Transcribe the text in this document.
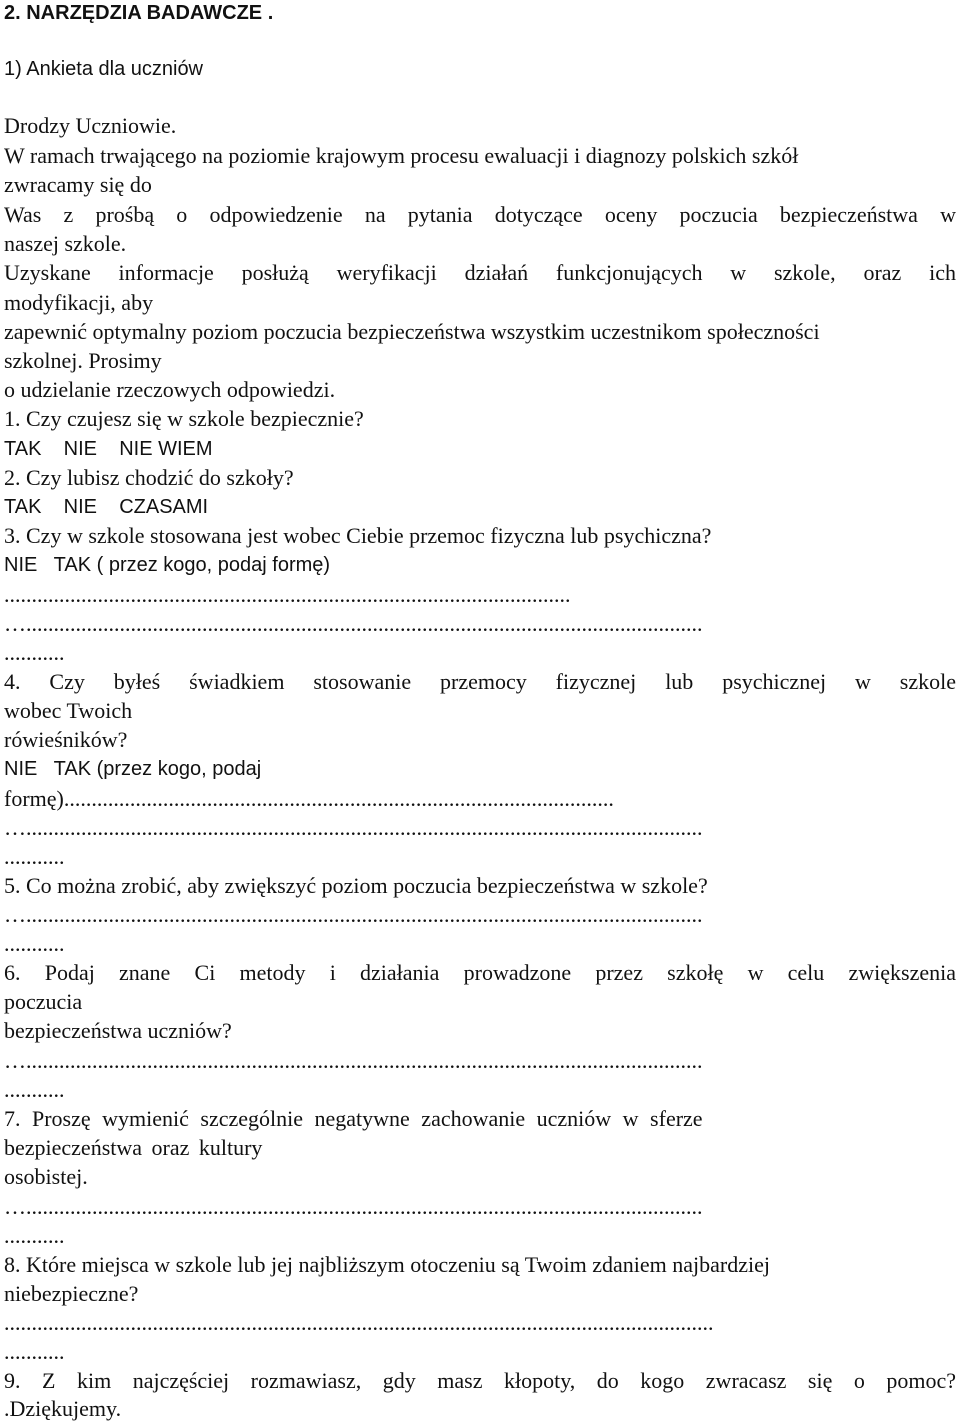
2. NARZĘDZIA BADAWCZE .
1) Ankieta dla uczniów
Drodzy Uczniowie.
W ramach trwającego na poziomie krajowym procesu ewaluacji i diagnozy polskich szkół
zwracamy się do
Was z prośbą o odpowiedzenie na pytania dotyczące oceny poczucia bezpieczeństwa w
naszej szkole.
Uzyskane informacje posłużą weryfikacji działań funkcjonujących w szkole, oraz ich
modyfikacji, aby
zapewnić optymalny poziom poczucia bezpieczeństwa wszystkim uczestnikom społeczności
szkolnej. Prosimy
o udzielanie rzeczowych odpowiedzi.
1. Czy czujesz się w szkole bezpiecznie?
TAK    NIE    NIE WIEM
2. Czy lubisz chodzić do szkoły?
TAK    NIE    CZASAMI
3. Czy w szkole stosowana jest wobec Ciebie przemoc fizyczna lub psychiczna?
NIE   TAK ( przez kogo, podaj formę)
.......................................................................................................
…...........................................................................................................................
...........
4. Czy byłeś świadkiem stosowanie przemocy fizycznej lub psychicznej w szkole
wobec Twoich
rówieśników?
NIE   TAK (przez kogo, podaj
formę)....................................................................................................
…...........................................................................................................................
...........
5. Co można zrobić, aby zwiększyć poziom poczucia bezpieczeństwa w szkole?
…...........................................................................................................................
...........
6. Podaj znane Ci metody i działania prowadzone przez szkołę w celu zwiększenia
poczucia
bezpieczeństwa uczniów?
…...........................................................................................................................
...........
7. Proszę wymienić szczególnie negatywne zachowanie uczniów w sferze
bezpieczeństwa oraz kultury
osobistej.
…...........................................................................................................................
...........
8. Które miejsca w szkole lub jej najbliższym otoczeniu są Twoim zdaniem najbardziej
niebezpieczne?
.................................................................................................................................
...........
9. Z kim najczęściej rozmawiasz, gdy masz kłopoty, do kogo zwracasz się o pomoc?
.Dziękujemy.
